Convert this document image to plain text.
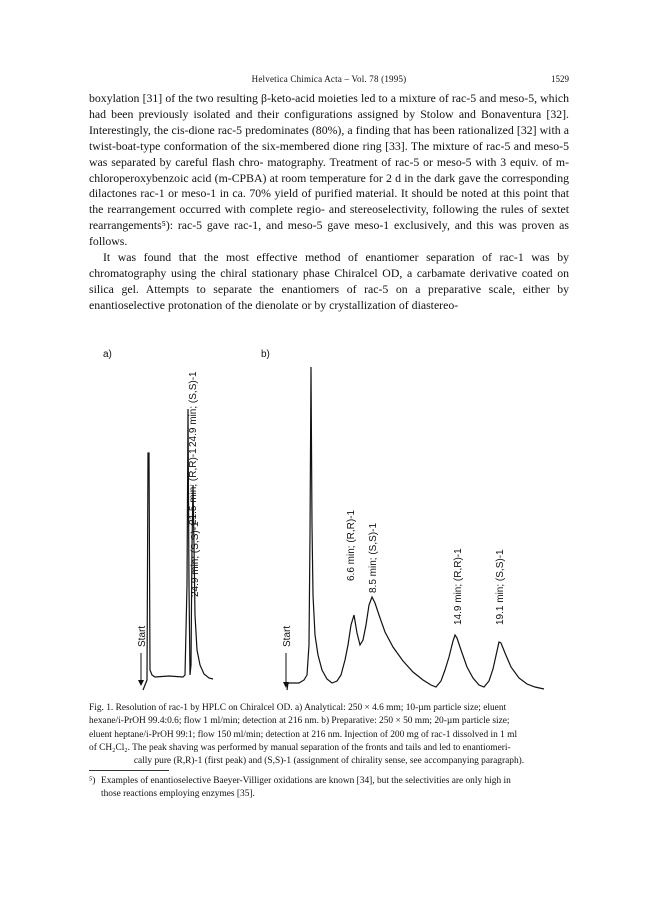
Helvetica Chimica Acta – Vol. 78 (1995)	1529

boxylation [31] of the two resulting β-keto-acid moieties led to a mixture of rac-5 and meso-5, which had been previously isolated and their configurations assigned by Stolow and Bonaventura [32]. Interestingly, the cis-dione rac-5 predominates (80%), a finding that has been rationalized [32] with a twist-boat-type conformation of the six-membered dione ring [33]. The mixture of rac-5 and meso-5 was separated by careful flash chro- matography. Treatment of rac-5 or meso-5 with 3 equiv. of m-chloroperoxybenzoic acid (m-CPBA) at room temperature for 2 d in the dark gave the corresponding dilactones rac-1 or meso-1 in ca. 70% yield of purified material. It should be noted at this point that the rearrangement occurred with complete regio- and stereoselectivity, following the rules of sextet rearrangements⁵): rac-5 gave rac-1, and meso-5 gave meso-1 exclusively, and this was proven as follows.

It was found that the most effective method of enantiomer separation of rac-1 was by chromatography using the chiral stationary phase Chiralcel OD, a carbamate derivative coated on silica gel. Attempts to separate the enantiomers of rac-5 on a preparative scale, either by enantioselective protonation of the dienolate or by crystallization of diastereo-

a)	b)
Start
21.5 min; (R,R)-1
24.9 min; (S,S)-1
24.9 min; (S,S)-1
Start
6.6 min; (R,R)-1 8.5 min; (S,S)-1	14.9 min; (R,R)-1	19.1 min; (S,S)-1
Fig. 1. Resolution of rac-1 by HPLC on Chiralcel OD. a) Analytical: 250 × 4.6 mm; 10-µm particle size; eluent
hexane/i-PrOH 99.4:0.6; flow 1 ml/min; detection at 216 nm. b) Preparative: 250 × 50 mm; 20-µm particle size;
eluent heptane/i-PrOH 99:1; flow 150 ml/min; detection at 216 nm. Injection of 200 mg of rac-1 dissolved in 1 ml
of CH₂Cl₂. The peak shaving was performed by manual separation of the fronts and tails and led to enantiomeri-
cally pure (R,R)-1 (first peak) and (S,S)-1 (assignment of chirality sense, see accompanying paragraph).
⁵) Examples of enantioselective Baeyer-Villiger oxidations are known [34], but the selectivities are only high in
those reactions employing enzymes [35].
